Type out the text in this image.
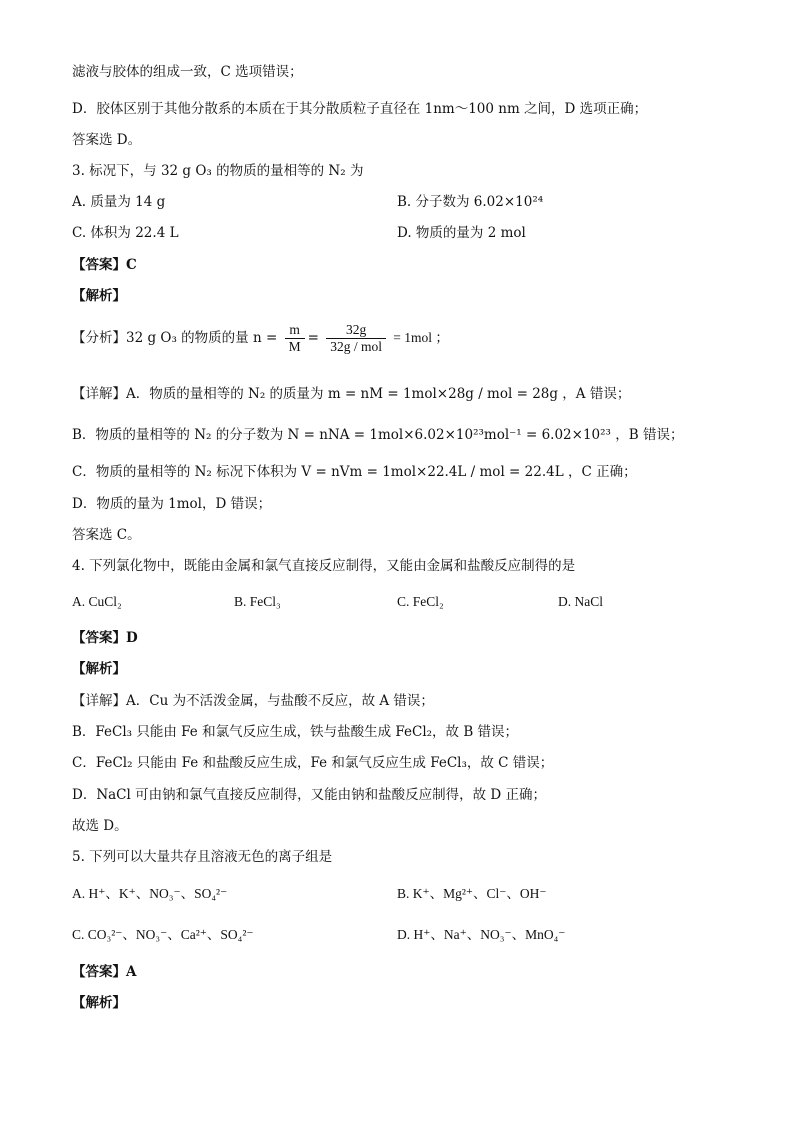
滤液与胶体的组成一致，C 选项错误；
D．胶体区别于其他分散系的本质在于其分散质粒子直径在 1nm～100 nm 之间，D 选项正确；
答案选 D。
3. 标况下，与 32 g O₃ 的物质的量相等的 N₂ 为
A. 质量为 14 g	B. 分子数为 6.02×10²⁴
C. 体积为 22.4 L	D. 物质的量为 2 mol
【答案】C
【解析】
【分析】32 g O₃ 的物质的量 $n = \frac{m}{M} = \frac{32g}{\text{32g / mol}} = 1mol$ ；
【详解】A．物质的量相等的 N₂ 的质量为 m = nM = 1mol×28g / mol = 28g ，A 错误；
B．物质的量相等的 N₂ 的分子数为 N = nNA = 1mol×6.02×10²³mol⁻¹ = 6.02×10²³ ，B 错误；
C．物质的量相等的 N₂ 标况下体积为 V = nVm = 1mol×22.4L / mol = 22.4L ，C 正确；
D．物质的量为 1mol，D 错误；
答案选 C。
4. 下列氯化物中，既能由金属和氯气直接反应制得，又能由金属和盐酸反应制得的是
A. CuCl₂	B. FeCl₃	C. FeCl₂	D. NaCl
【答案】D
【解析】
【详解】A．Cu 为不活泼金属，与盐酸不反应，故 A 错误；
B．FeCl₃ 只能由 Fe 和氯气反应生成，铁与盐酸生成 FeCl₂，故 B 错误；
C．FeCl₂ 只能由 Fe 和盐酸反应生成，Fe 和氯气反应生成 FeCl₃，故 C 错误；
D．NaCl 可由钠和氯气直接反应制得，又能由钠和盐酸反应制得，故 D 正确；
故选 D。
5. 下列可以大量共存且溶液无色的离子组是
A. H⁺、K⁺、NO₃⁻、SO₄²⁻	B. K⁺、Mg²⁺、Cl⁻、OH⁻
C. CO₃²⁻、NO₃⁻、Ca²⁺、SO₄²⁻	D. H⁺、Na⁺、NO₃⁻、MnO₄⁻
【答案】A
【解析】
